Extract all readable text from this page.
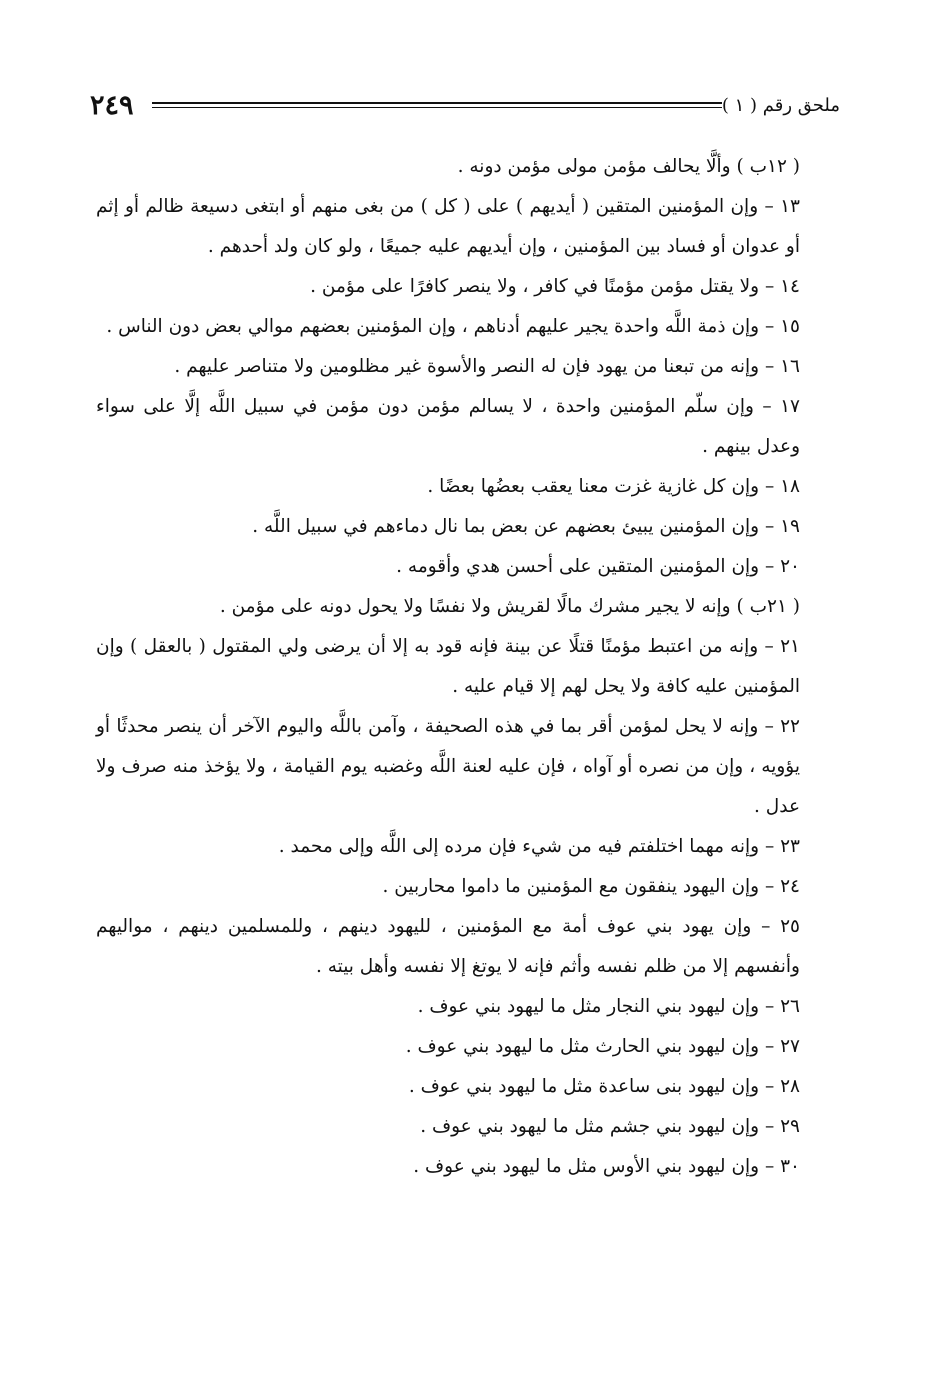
٢٤٩	ملحق رقم ( ١ )

( ١٢ب ) وألَّا يحالف مؤمن مولى مؤمن دونه .

١٣ – وإن المؤمنين المتقين ( أيديهم ) على ( كل ) من بغى منهم أو ابتغى دسيعة ظالم أو إثم أو عدوان أو فساد بين المؤمنين ، وإن أيديهم عليه جميعًا ، ولو كان ولد أحدهم .

١٤ – ولا يقتل مؤمن مؤمنًا في كافر ، ولا ينصر كافرًا على مؤمن .

١٥ – وإن ذمة اللَّه واحدة يجير عليهم أدناهم ، وإن المؤمنين بعضهم موالي بعض دون الناس .

١٦ – وإنه من تبعنا من يهود فإن له النصر والأسوة غير مظلومين ولا متناصر عليهم .

١٧ – وإن سلّم المؤمنين واحدة ، لا يسالم مؤمن دون مؤمن في سبيل اللَّه إلَّا على سواء وعدل بينهم .

١٨ – وإن كل غازية غزت معنا يعقب بعضُها بعضًا .

١٩ – وإن المؤمنين يبيئ بعضهم عن بعض بما نال دماءهم في سبيل اللَّه .

٢٠ – وإن المؤمنين المتقين على أحسن هدي وأقومه .

( ٢١ب ) وإنه لا يجير مشرك مالًا لقريش ولا نفسًا ولا يحول دونه على مؤمن .

٢١ – وإنه من اعتبط مؤمنًا قتلًا عن بينة فإنه قود به إلا أن يرضى ولي المقتول ( بالعقل ) وإن المؤمنين عليه كافة ولا يحل لهم إلا قيام عليه .

٢٢ – وإنه لا يحل لمؤمن أقر بما في هذه الصحيفة ، وآمن باللَّه واليوم الآخر أن ينصر محدثًا أو يؤويه ، وإن من نصره أو آواه ، فإن عليه لعنة اللَّه وغضبه يوم القيامة ، ولا يؤخذ منه صرف ولا عدل .

٢٣ – وإنه مهما اختلفتم فيه من شيء فإن مرده إلى اللَّه وإلى محمد .

٢٤ – وإن اليهود ينفقون مع المؤمنين ما داموا محاربين .

٢٥ – وإن يهود بني عوف أمة مع المؤمنين ، لليهود دينهم ، وللمسلمين دينهم ، مواليهم وأنفسهم إلا من ظلم نفسه وأثم فإنه لا يوتغ إلا نفسه وأهل بيته .

٢٦ – وإن ليهود بني النجار مثل ما ليهود بني عوف .

٢٧ – وإن ليهود بني الحارث مثل ما ليهود بني عوف .

٢٨ – وإن ليهود بنى ساعدة مثل ما ليهود بني عوف .

٢٩ – وإن ليهود بني جشم مثل ما ليهود بني عوف .

٣٠ – وإن ليهود بني الأوس مثل ما ليهود بني عوف .
